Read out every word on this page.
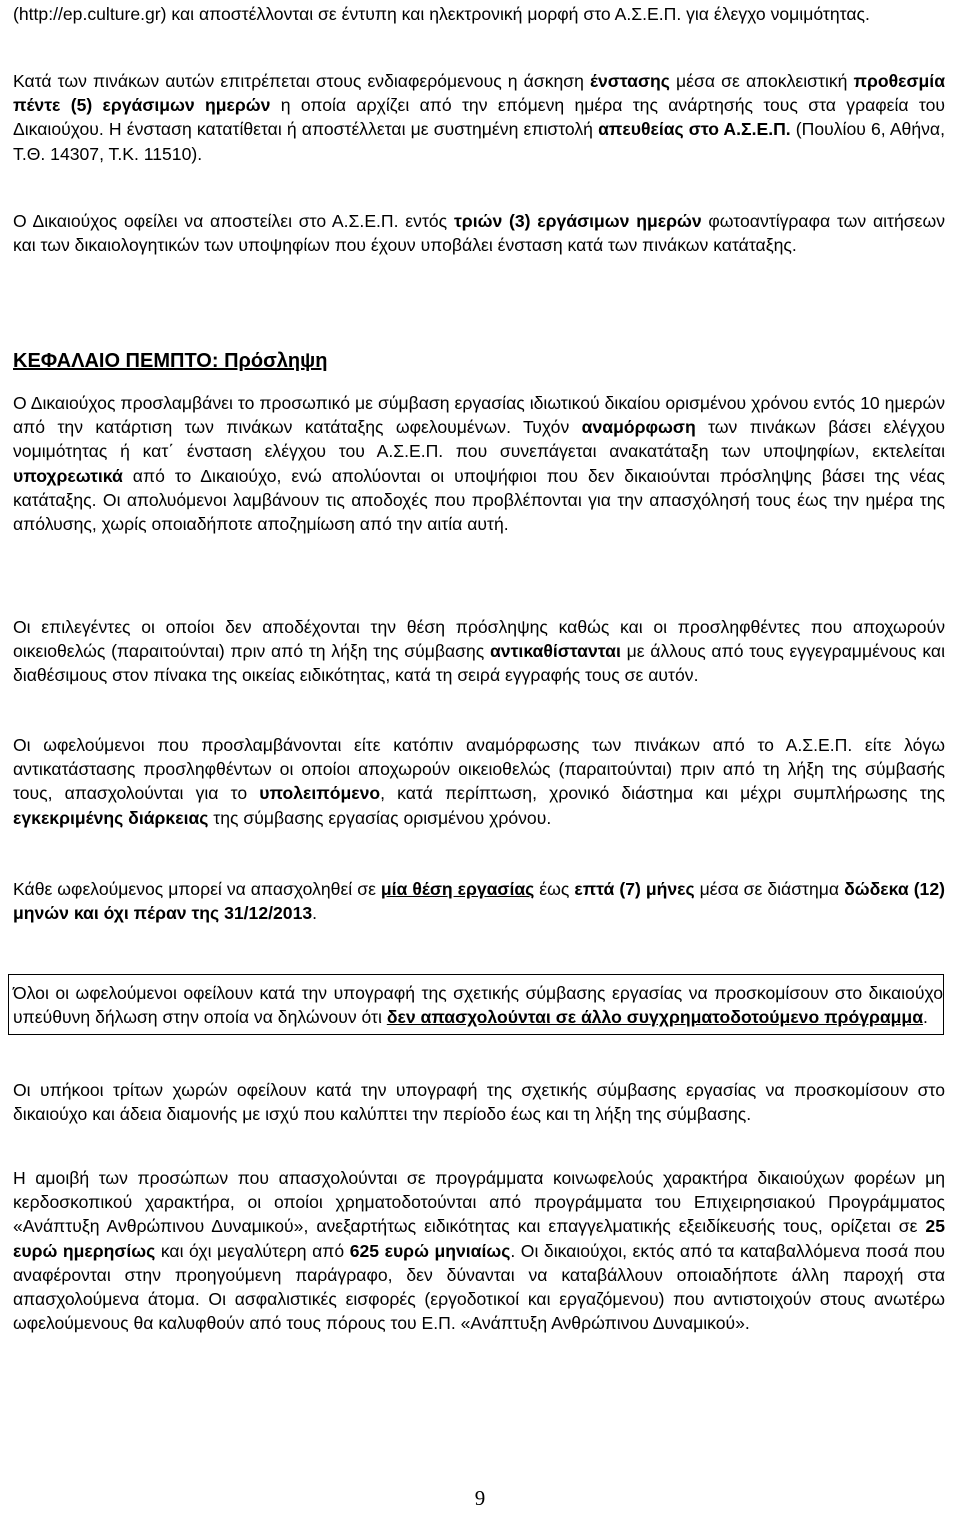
(http://ep.culture.gr) και αποστέλλονται σε έντυπη και ηλεκτρονική μορφή στο Α.Σ.Ε.Π. για έλεγχο νομιμότητας.

Κατά των πινάκων αυτών επιτρέπεται στους ενδιαφερόμενους η άσκηση ένστασης μέσα σε αποκλειστική προθεσμία πέντε (5) εργάσιμων ημερών η οποία αρχίζει από την επόμενη ημέρα της ανάρτησής τους στα γραφεία του Δικαιούχου. Η ένσταση κατατίθεται ή αποστέλλεται με συστημένη επιστολή απευθείας στο Α.Σ.Ε.Π. (Πουλίου 6, Αθήνα, Τ.Θ. 14307, Τ.Κ. 11510).

Ο Δικαιούχος οφείλει να αποστείλει στο Α.Σ.Ε.Π. εντός τριών (3) εργάσιμων ημερών φωτοαντίγραφα των αιτήσεων και των δικαιολογητικών των υποψηφίων που έχουν υποβάλει ένσταση κατά των πινάκων κατάταξης.

ΚΕΦΑΛΑΙΟ ΠΕΜΠΤΟ: Πρόσληψη

Ο Δικαιούχος προσλαμβάνει το προσωπικό με σύμβαση εργασίας ιδιωτικού δικαίου ορισμένου χρόνου εντός 10 ημερών από την κατάρτιση των πινάκων κατάταξης ωφελουμένων. Τυχόν αναμόρφωση των πινάκων βάσει ελέγχου νομιμότητας ή κατ΄ ένσταση ελέγχου του Α.Σ.Ε.Π. που συνεπάγεται ανακατάταξη των υποψηφίων, εκτελείται υποχρεωτικά από το Δικαιούχο, ενώ απολύονται οι υποψήφιοι που δεν δικαιούνται πρόσληψης βάσει της νέας κατάταξης. Οι απολυόμενοι λαμβάνουν τις αποδοχές που προβλέπονται για την απασχόλησή τους έως την ημέρα της απόλυσης, χωρίς οποιαδήποτε αποζημίωση από την αιτία αυτή.

Οι επιλεγέντες οι οποίοι δεν αποδέχονται την θέση πρόσληψης καθώς και οι προσληφθέντες που αποχωρούν οικειοθελώς (παραιτούνται) πριν από τη λήξη της σύμβασης αντικαθίστανται με άλλους από τους εγγεγραμμένους και διαθέσιμους στον πίνακα της οικείας ειδικότητας, κατά τη σειρά εγγραφής τους σε αυτόν.

Οι ωφελούμενοι που προσλαμβάνονται είτε κατόπιν αναμόρφωσης των πινάκων από το Α.Σ.Ε.Π. είτε λόγω αντικατάστασης προσληφθέντων οι οποίοι αποχωρούν οικειοθελώς (παραιτούνται) πριν από τη λήξη της σύμβασής τους, απασχολούνται για το υπολειπόμενο, κατά περίπτωση, χρονικό διάστημα και μέχρι συμπλήρωσης της εγκεκριμένης διάρκειας της σύμβασης εργασίας ορισμένου χρόνου.

Κάθε ωφελούμενος μπορεί να απασχοληθεί σε μία θέση εργασίας έως επτά (7) μήνες μέσα σε διάστημα δώδεκα (12) μηνών και όχι πέραν της 31/12/2013.

Όλοι οι ωφελούμενοι οφείλουν κατά την υπογραφή της σχετικής σύμβασης εργασίας να προσκομίσουν στο δικαιούχο υπεύθυνη δήλωση στην οποία να δηλώνουν ότι δεν απασχολούνται σε άλλο συγχρηματοδοτούμενο πρόγραμμα.

Οι υπήκοοι τρίτων χωρών οφείλουν κατά την υπογραφή της σχετικής σύμβασης εργασίας να προσκομίσουν στο δικαιούχο και άδεια διαμονής με ισχύ που καλύπτει την περίοδο έως και τη λήξη της σύμβασης.

Η αμοιβή των προσώπων που απασχολούνται σε προγράμματα κοινωφελούς χαρακτήρα δικαιούχων φορέων μη κερδοσκοπικού χαρακτήρα, οι οποίοι χρηματοδοτούνται από προγράμματα του Επιχειρησιακού Προγράμματος «Ανάπτυξη Ανθρώπινου Δυναμικού», ανεξαρτήτως ειδικότητας και επαγγελματικής εξειδίκευσής τους, ορίζεται σε 25 ευρώ ημερησίως και όχι μεγαλύτερη από 625 ευρώ μηνιαίως. Οι δικαιούχοι, εκτός από τα καταβαλλόμενα ποσά που αναφέρονται στην προηγούμενη παράγραφο, δεν δύνανται να καταβάλλουν οποιαδήποτε άλλη παροχή στα απασχολούμενα άτομα. Οι ασφαλιστικές εισφορές (εργοδοτικοί και εργαζόμενου) που αντιστοιχούν στους ανωτέρω ωφελούμενους θα καλυφθούν από τους πόρους του Ε.Π. «Ανάπτυξη Ανθρώπινου Δυναμικού».

9
